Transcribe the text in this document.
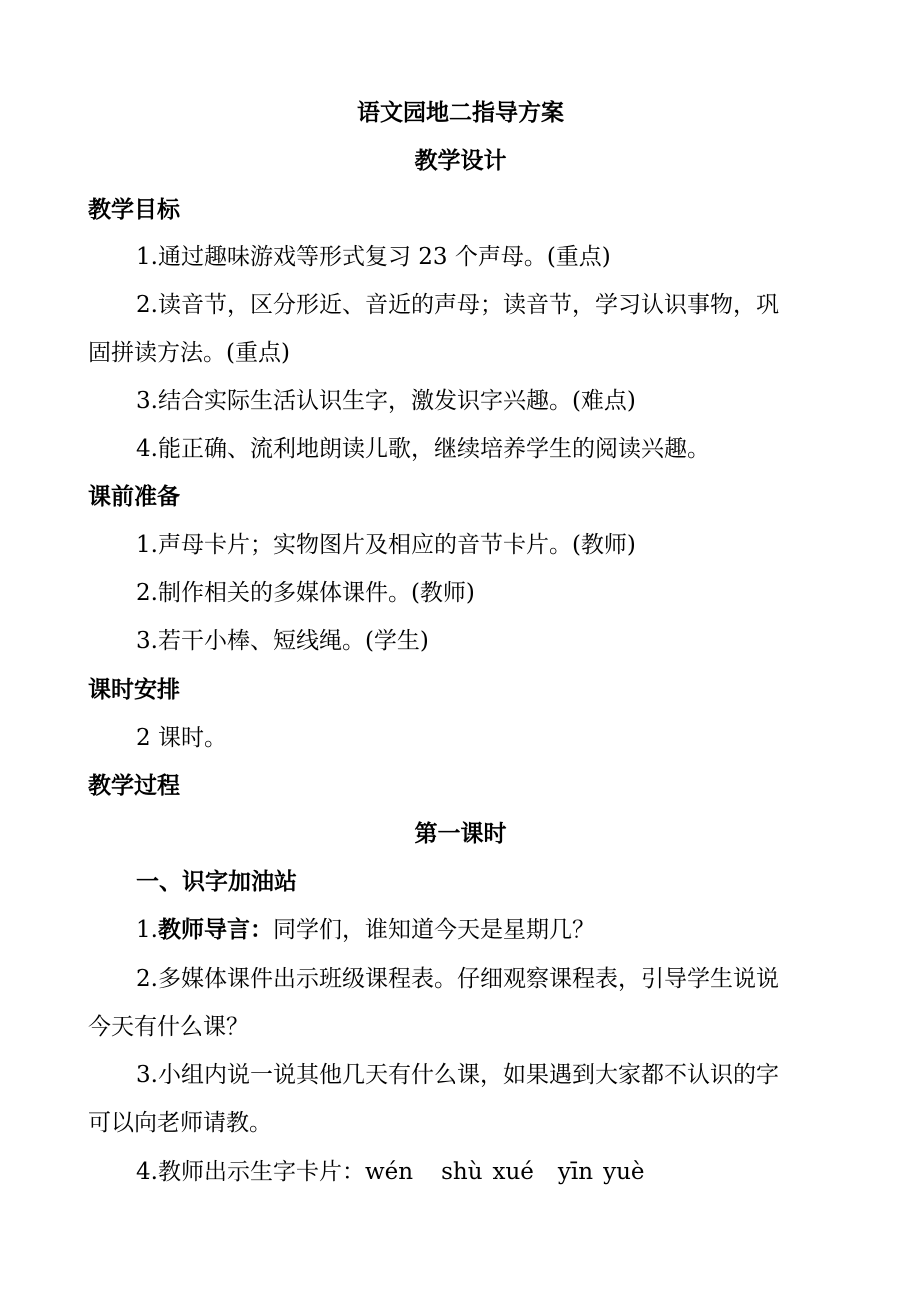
语文园地二指导方案
教学设计
教学目标
1.通过趣味游戏等形式复习 23 个声母。(重点)
2.读音节，区分形近、音近的声母；读音节，学习认识事物，巩
固拼读方法。(重点)
3.结合实际生活认识生字，激发识字兴趣。(难点)
4.能正确、流利地朗读儿歌，继续培养学生的阅读兴趣。
课前准备
1.声母卡片；实物图片及相应的音节卡片。(教师)
2.制作相关的多媒体课件。(教师)
3.若干小棒、短线绳。(学生)
课时安排
2 课时。
教学过程
第一课时
一、识字加油站
1.教师导言：同学们，谁知道今天是星期几？
2.多媒体课件出示班级课程表。仔细观察课程表，引导学生说说
今天有什么课？
3.小组内说一说其他几天有什么课，如果遇到大家都不认识的字
可以向老师请教。
4.教师出示生字卡片：wén shù xué yīn yuè
